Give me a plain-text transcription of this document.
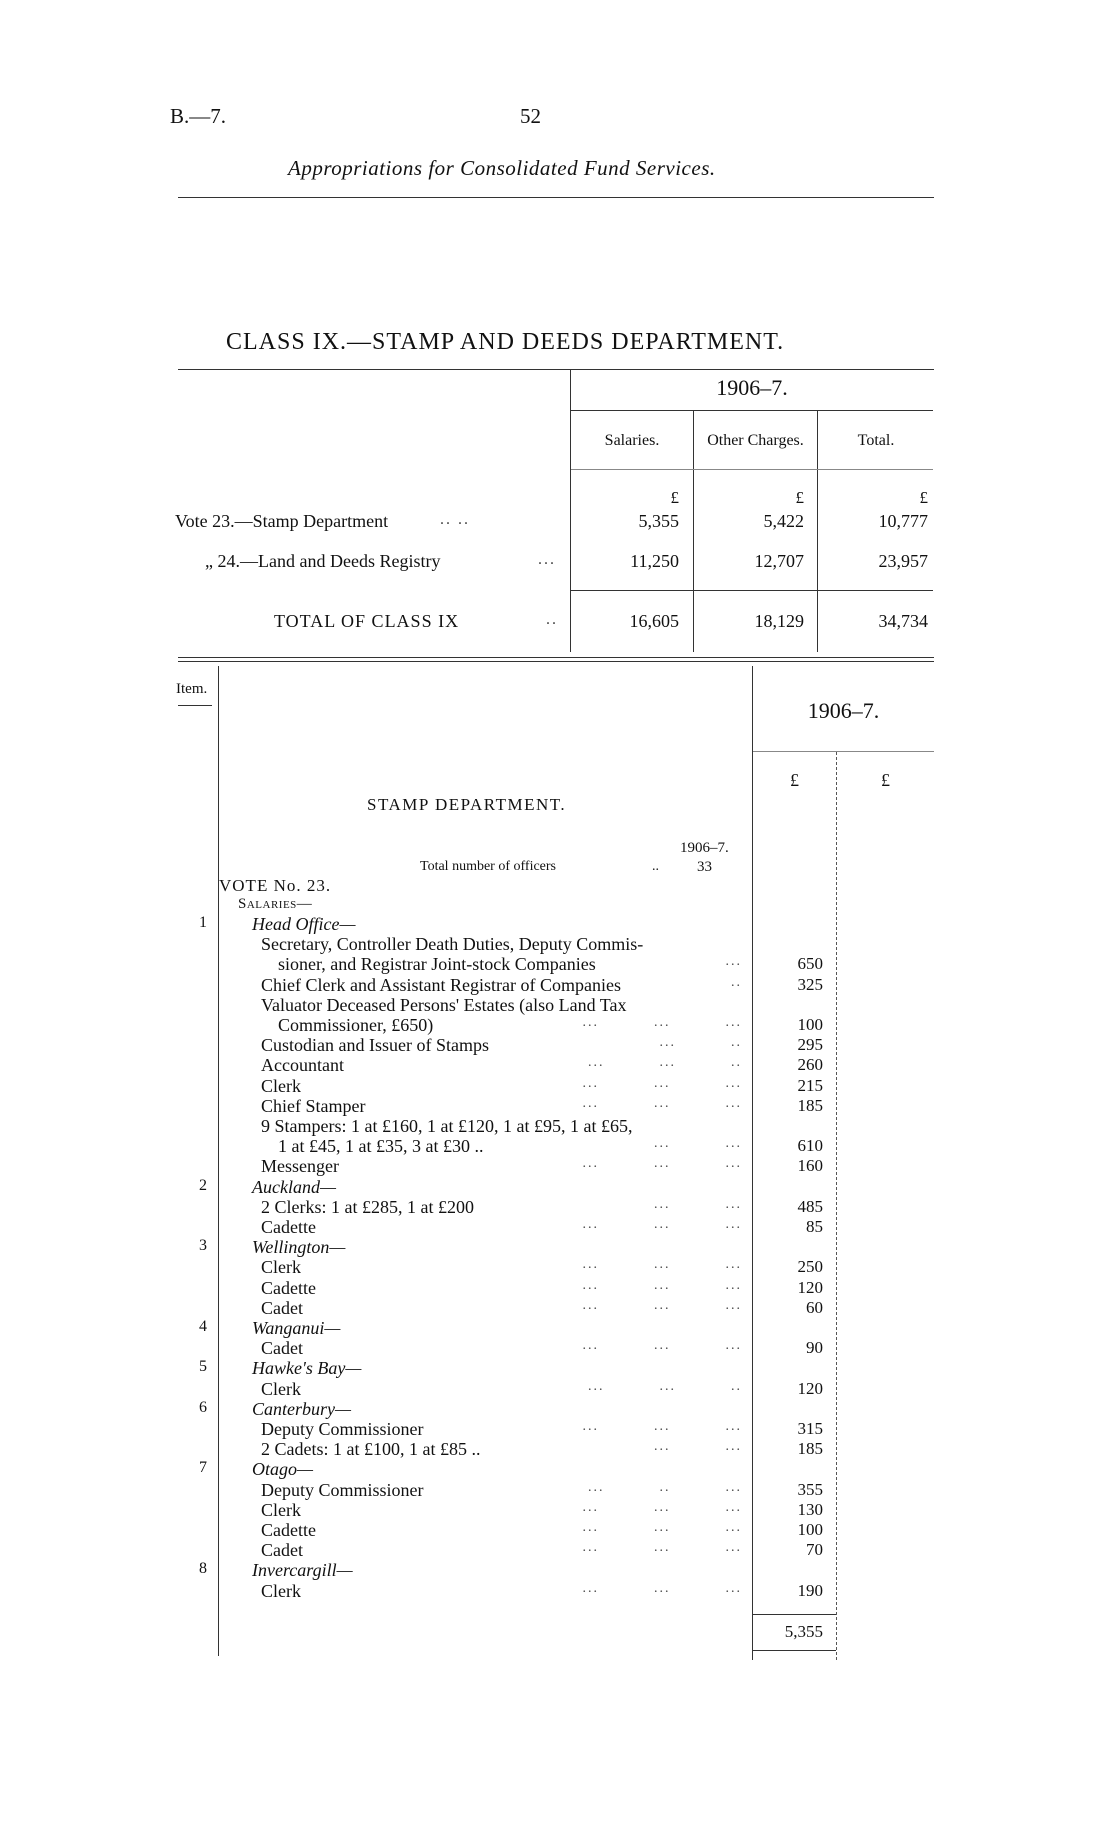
B.—7.	52
Appropriations for Consolidated Fund Services.
CLASS IX.—STAMP AND DEEDS DEPARTMENT.
1906–7.
Salaries.	Other Charges.	Total.
£	£	£
Vote 23.—Stamp Department	.. ..	5,355	5,422	10,777
„ 24.—Land and Deeds Registry	...	11,250	12,707	23,957
TOTAL OF CLASS IX	..	16,605	18,129	34,734
Item.
1906–7.
£	£
STAMP DEPARTMENT.
1906–7.
Total number of officers	..	33
VOTE No. 23.
Salaries—
1	Head Office—
Secretary, Controller Death Duties, Deputy Commis-
sioner, and Registrar Joint-stock Companies	...	650
Chief Clerk and Assistant Registrar of Companies	..	325
Valuator Deceased Persons' Estates (also Land Tax
Commissioner, £650)	...          ...          ...	100
Custodian and Issuer of Stamps	...          ..	295
Accountant	...          ...          ..	260
Clerk	...          ...          ...	215
Chief Stamper	...          ...          ...	185
9 Stampers: 1 at £160, 1 at £120, 1 at £95, 1 at £65,
1 at £45, 1 at £35, 3 at £30 ..	...          ...	610
Messenger	...          ...          ...	160
2	Auckland—
2 Clerks: 1 at £285, 1 at £200	...          ...	485
Cadette	...          ...          ...	85
3	Wellington—
Clerk	...          ...          ...	250
Cadette	...          ...          ...	120
Cadet	...          ...          ...	60
4	Wanganui—
Cadet	...          ...          ...	90
5	Hawke's Bay—
Clerk	...          ...          ..	120
6	Canterbury—
Deputy Commissioner	...          ...          ...	315
2 Cadets: 1 at £100, 1 at £85 ..	...          ...	185
7	Otago—
Deputy Commissioner	...          ..          ...	355
Clerk	...          ...          ...	130
Cadette	...          ...          ...	100
Cadet	...          ...          ...	70
8	Invercargill—
Clerk	...          ...          ...	190
5,355
